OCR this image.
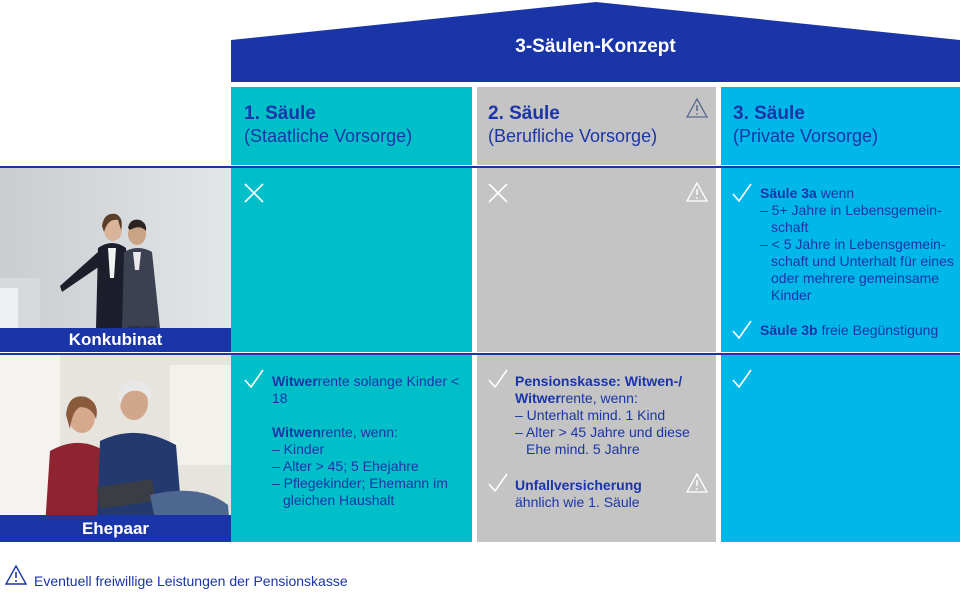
3-Säulen-Konzept
1. Säule
(Staatliche Vorsorge)
2. Säule
(Berufliche Vorsorge)
3. Säule
(Private Vorsorge)
Konkubinat

Säule 3a wenn

– 5+ Jahre in Lebensgemein-schaft

– < 5 Jahre in Lebensgemein-schaft und Unterhalt für eines oder mehrere gemeinsame Kinder

Säule 3b freie Begünstigung

Ehepaar

Witwerrente solange Kinder < 18

Witwenrente, wenn:

– Kinder

– Alter > 45; 5 Ehejahre

– Pflegekinder; Ehemann im gleichen Haushalt

Pensionskasse: Witwen-/ Witwerrente, wenn:

– Unterhalt mind. 1 Kind

– Alter > 45 Jahre und diese Ehe mind. 5 Jahre

Unfallversicherung

ähnlich wie 1. Säule

Eventuell freiwillige Leistungen der Pensionskasse
